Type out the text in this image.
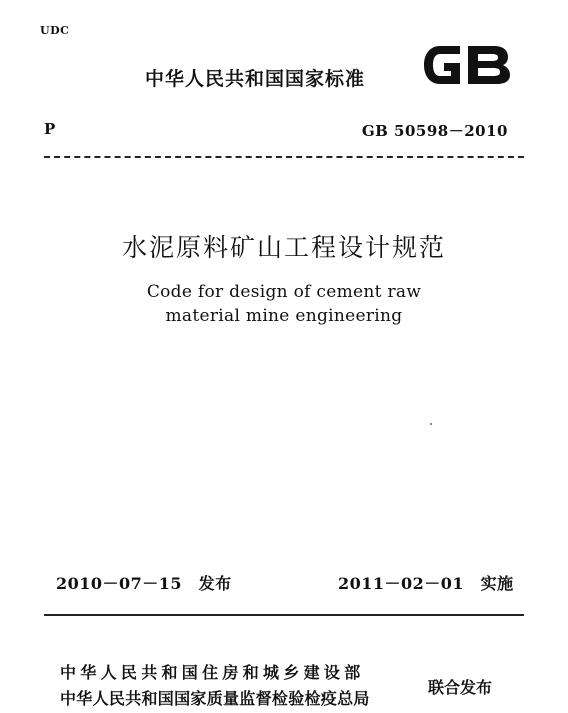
UDC
中华人民共和国国家标准
P	GB 50598－2010
水泥原料矿山工程设计规范
Code for design of cement raw
material mine engineering
2010－07－15　发布	2011－02－01　实施
中华人民共和国住房和城乡建设部
中华人民共和国国家质量监督检验检疫总局
联合发布
